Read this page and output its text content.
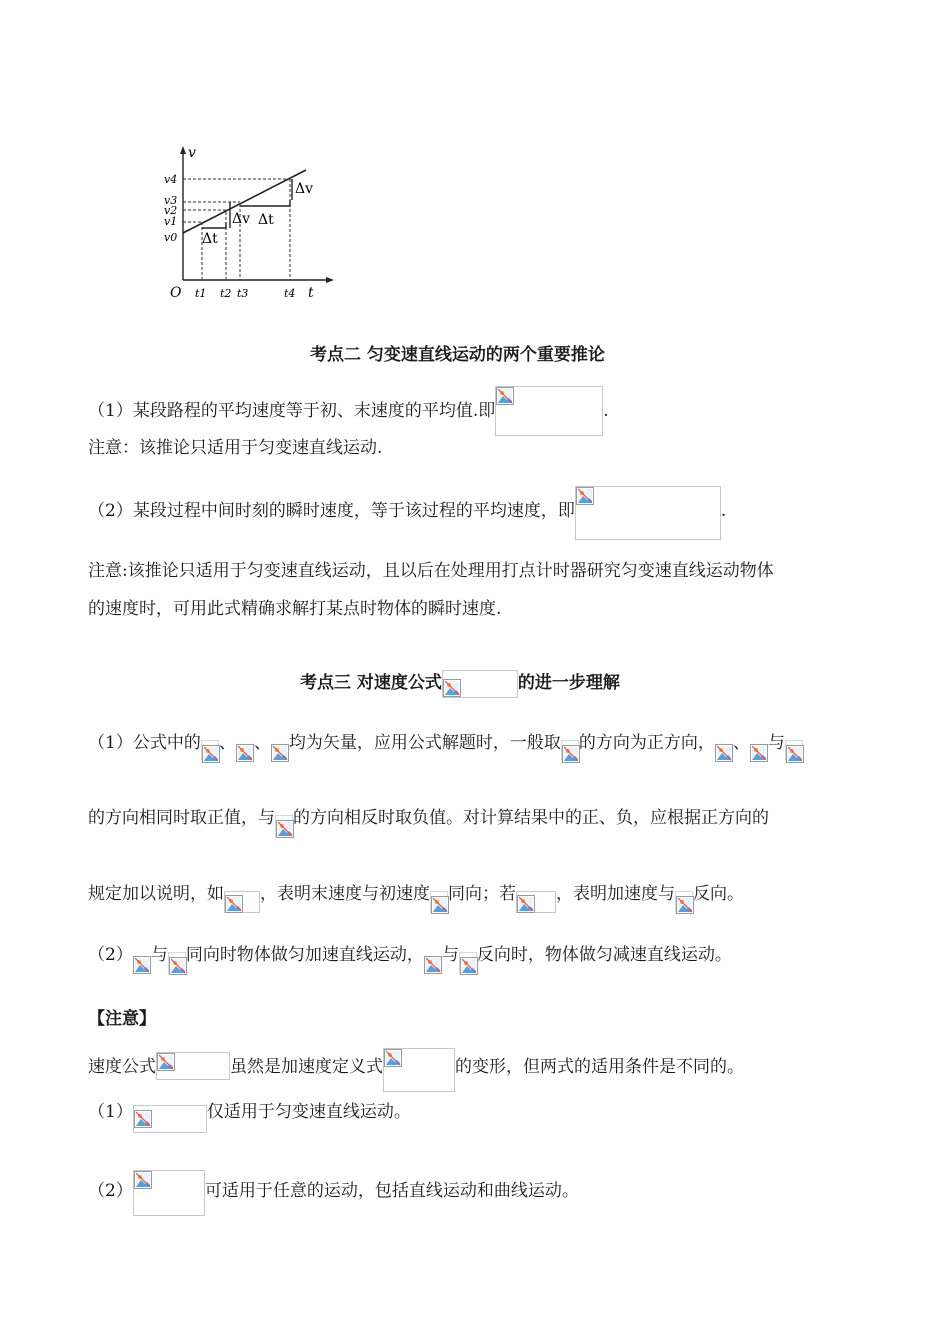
v
t
O
Δt
Δv Δt
Δv
v4
v3
v2
v1
v0
t1 t2 t3	t4
考点二 匀变速直线运动的两个重要推论
（1）某段路程的平均速度等于初、末速度的平均值.即	.
注意：该推论只适用于匀变速直线运动.
（2）某段过程中间时刻的瞬时速度，等于该过程的平均速度，即	.
注意:该推论只适用于匀变速直线运动，且以后在处理用打点计时器研究匀变速直线运动物体
的速度时，可用此式精确求解打某点时物体的瞬时速度.
考点三 对速度公式	的进一步理解
（1）公式中的 、 、 均为矢量，应用公式解题时，一般取 的方向为正方向， 、 与
的方向相同时取正值，与 的方向相反时取负值。对计算结果中的正、负，应根据正方向的
规定加以说明，如 ，表明末速度与初速度 同向；若 ，表明加速度与 反向。
（2） 与 同向时物体做匀加速直线运动， 与 反向时，物体做匀减速直线运动。
【注意】
速度公式	虽然是加速度定义式	的变形，但两式的适用条件是不同的。
（1）	仅适用于匀变速直线运动。
（2）	可适用于任意的运动，包括直线运动和曲线运动。
